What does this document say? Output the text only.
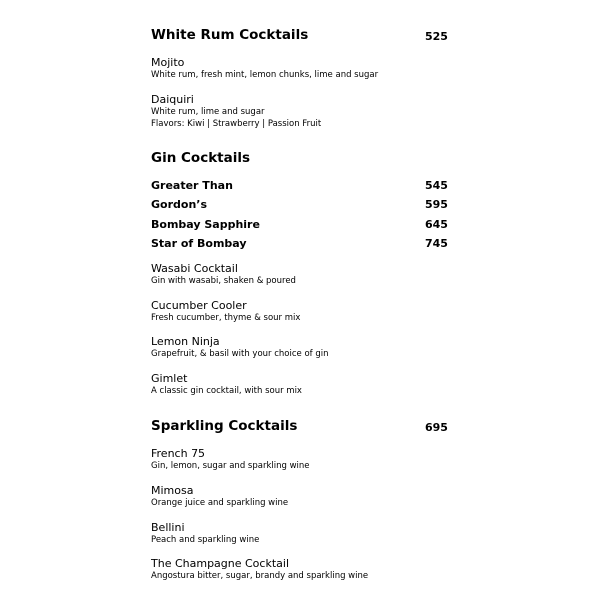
White Rum Cocktails	525
Mojito
White rum, fresh mint, lemon chunks, lime and sugar
Daiquiri
White rum, lime and sugar
Flavors: Kiwi | Strawberry | Passion Fruit
Gin Cocktails
Greater Than	545
Gordon’s	595
Bombay Sapphire	645
Star of Bombay	745
Wasabi Cocktail
Gin with wasabi, shaken & poured
Cucumber Cooler
Fresh cucumber, thyme & sour mix
Lemon Ninja
Grapefruit, & basil with your choice of gin
Gimlet
A classic gin cocktail, with sour mix
Sparkling Cocktails	695
French 75
Gin, lemon, sugar and sparkling wine
Mimosa
Orange juice and sparkling wine
Bellini
Peach and sparkling wine
The Champagne Cocktail
Angostura bitter, sugar, brandy and sparkling wine
